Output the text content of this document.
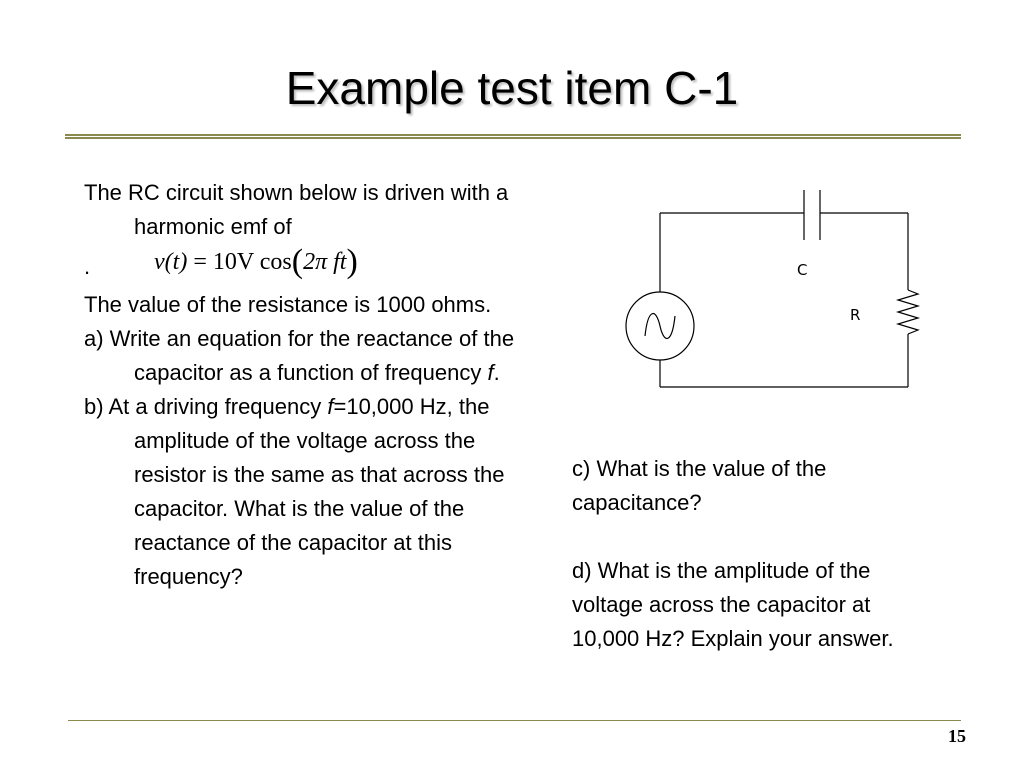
Example test item C-1

The RC circuit shown below is driven with a harmonic emf of

.	v(t) = 10V cos(2π ft)

The value of the resistance is 1000 ohms.

a) Write an equation for the reactance of the capacitor as a function of frequency f.

b) At a driving frequency f=10,000 Hz, the amplitude of the voltage across the resistor is the same as that across the capacitor. What is the value of the reactance of the capacitor at this frequency?

C
R

c) What is the value of the capacitance?

d) What is the amplitude of the voltage across the capacitor at 10,000 Hz? Explain your answer.

15
